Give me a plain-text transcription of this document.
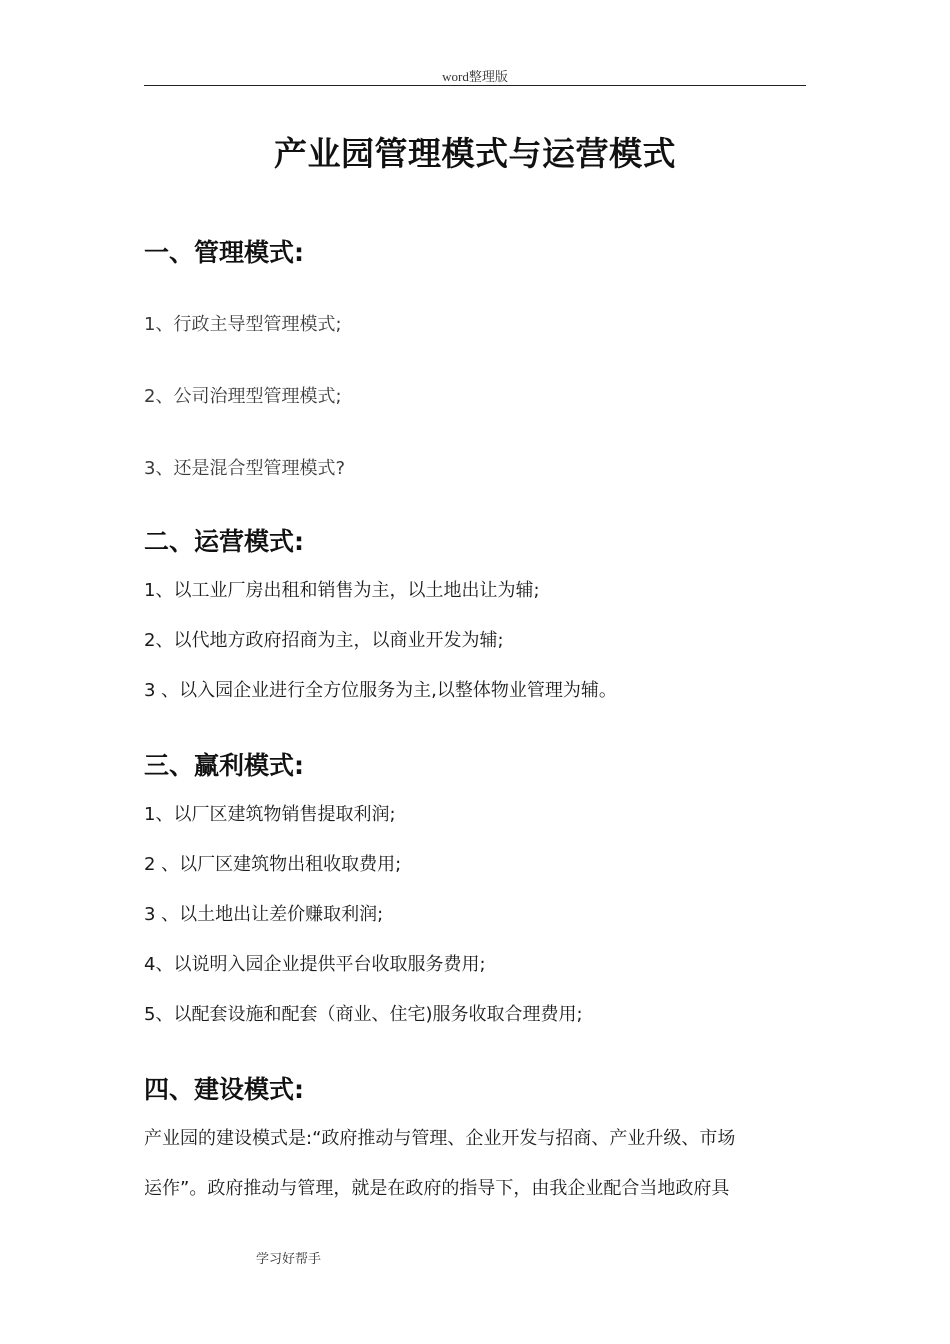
word整理版
产业园管理模式与运营模式
一、管理模式:

1、行政主导型管理模式;

2、公司治理型管理模式;

3、还是混合型管理模式?

二、运营模式:

1、以工业厂房出租和销售为主，以土地出让为辅;

2、以代地方政府招商为主，以商业开发为辅;

3 、以入园企业进行全方位服务为主,以整体物业管理为辅。

三、赢利模式:

1、以厂区建筑物销售提取利润;

2 、以厂区建筑物出租收取费用;

3 、以土地出让差价赚取利润;

4、以说明入园企业提供平台收取服务费用;

5、以配套设施和配套（商业、住宅)服务收取合理费用;

四、建设模式:
产业园的建设模式是:“政府推动与管理、企业开发与招商、产业升级、市场
运作”。政府推动与管理，就是在政府的指导下，由我企业配合当地政府具
学习好帮手
